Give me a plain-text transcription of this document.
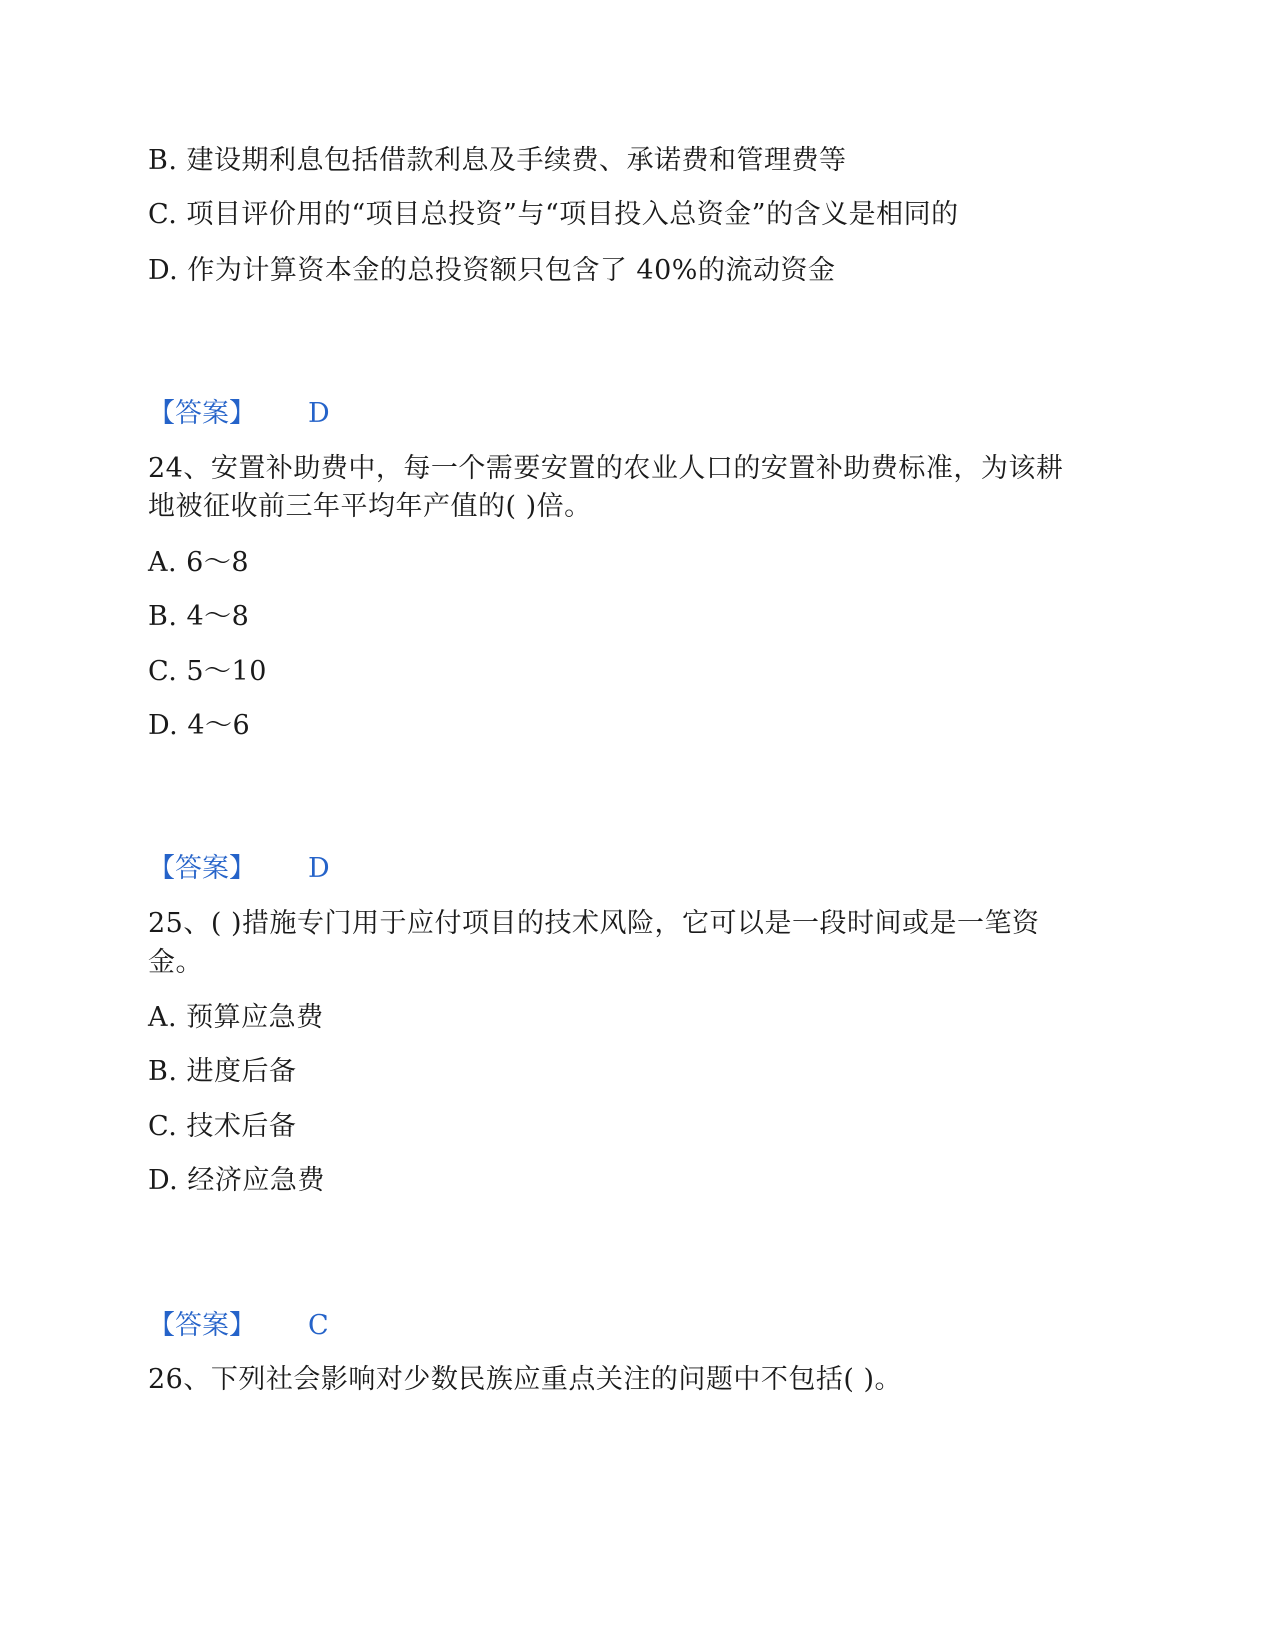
B. 建设期利息包括借款利息及手续费、承诺费和管理费等
C. 项目评价用的“项目总投资”与“项目投入总资金”的含义是相同的
D. 作为计算资本金的总投资额只包含了 40%的流动资金
【答案】 D
24、安置补助费中，每一个需要安置的农业人口的安置补助费标准，为该耕
地被征收前三年平均年产值的( )倍。
A. 6～8
B. 4～8
C. 5～10
D. 4～6
【答案】 D
25、( )措施专门用于应付项目的技术风险，它可以是一段时间或是一笔资
金。
A. 预算应急费
B. 进度后备
C. 技术后备
D. 经济应急费
【答案】 C
26、下列社会影响对少数民族应重点关注的问题中不包括( )。
